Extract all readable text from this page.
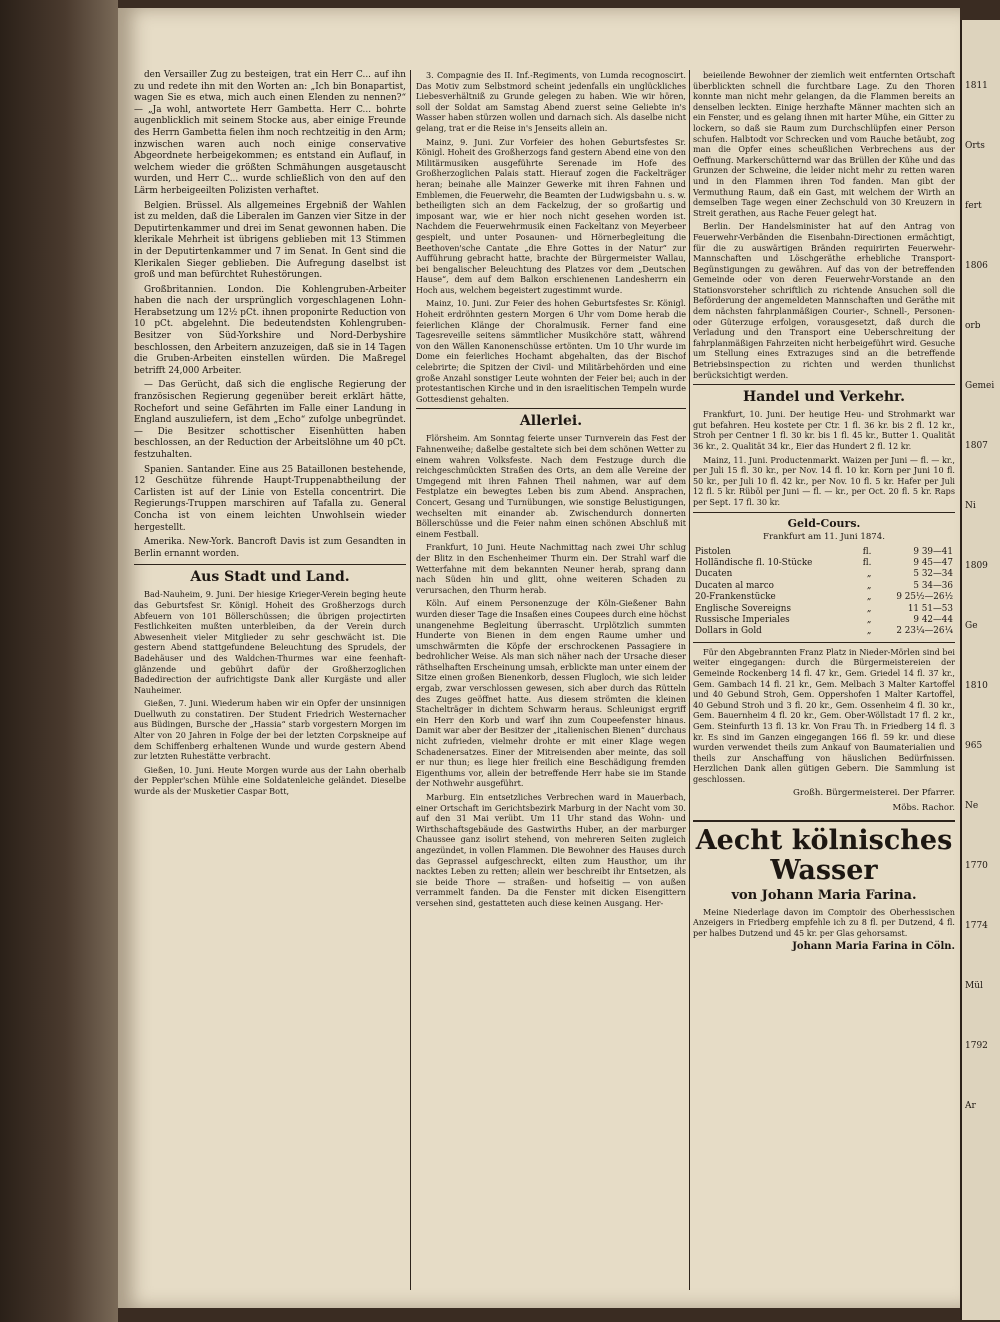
den Versailler Zug zu besteigen, trat ein Herr C... auf ihn zu und redete ihn mit den Worten an: „Ich bin Bonapartist, wagen Sie es etwa, mich auch einen Elenden zu nennen?“ — „Ja wohl, antwortete Herr Gambetta. Herr C... bohrte augenblicklich mit seinem Stocke aus, aber einige Freunde des Herrn Gambetta fielen ihm noch rechtzeitig in den Arm; inzwischen waren auch noch einige conservative Abgeordnete herbeigekommen; es entstand ein Auflauf, in welchem wieder die größten Schmähungen ausgetauscht wurden, und Herr C... wurde schließlich von den auf den Lärm herbeigeeilten Polizisten verhaftet.

Belgien. Brüssel. Als allgemeines Ergebniß der Wahlen ist zu melden, daß die Liberalen im Ganzen vier Sitze in der Deputirtenkammer und drei im Senat gewonnen haben. Die klerikale Mehrheit ist übrigens geblieben mit 13 Stimmen in der Deputirtenkammer und 7 im Senat. In Gent sind die Klerikalen Sieger geblieben. Die Aufregung daselbst ist groß und man befürchtet Ruhestörungen.

Großbritannien. London. Die Kohlengruben-Arbeiter haben die nach der ursprünglich vorgeschlagenen Lohn-Herabsetzung um 12½ pCt. ihnen proponirte Reduction von 10 pCt. abgelehnt. Die bedeutendsten Kohlengruben-Besitzer von Süd-Yorkshire und Nord-Derbyshire beschlossen, den Arbeitern anzuzeigen, daß sie in 14 Tagen die Gruben-Arbeiten einstellen würden. Die Maßregel betrifft 24,000 Arbeiter.

— Das Gerücht, daß sich die englische Regierung der französischen Regierung gegenüber bereit erklärt hätte, Rochefort und seine Gefährten im Falle einer Landung in England auszuliefern, ist dem „Echo“ zufolge unbegründet. — Die Besitzer schottischer Eisenhütten haben beschlossen, an der Reduction der Arbeitslöhne um 40 pCt. festzuhalten.

Spanien. Santander. Eine aus 25 Bataillonen bestehende, 12 Geschütze führende Haupt-Truppenabtheilung der Carlisten ist auf der Linie von Estella concentrirt. Die Regierungs-Truppen marschiren auf Tafalla zu. General Concha ist von einem leichten Unwohlsein wieder hergestellt.

Amerika. New-York. Bancroft Davis ist zum Gesandten in Berlin ernannt worden.

Aus Stadt und Land.

Bad-Nauheim, 9. Juni. Der hiesige Krieger-Verein beging heute das Geburtsfest Sr. Königl. Hoheit des Großherzogs durch Abfeuern von 101 Böllerschüssen; die übrigen projectirten Festlichkeiten mußten unterbleiben, da der Verein durch Abwesenheit vieler Mitglieder zu sehr geschwächt ist. Die gestern Abend stattgefundene Beleuchtung des Sprudels, der Badehäuser und des Waldchen-Thurmes war eine feenhaft-glänzende und gebührt dafür der Großherzoglichen Badedirection der aufrichtigste Dank aller Kurgäste und aller Nauheimer.

Gießen, 7. Juni. Wiederum haben wir ein Opfer der unsinnigen Duellwuth zu constatiren. Der Student Friedrich Westernacher aus Büdingen, Bursche der „Hassia“ starb vorgestern Morgen im Alter von 20 Jahren in Folge der bei der letzten Corpskneipe auf dem Schiffenberg erhaltenen Wunde und wurde gestern Abend zur letzten Ruhestätte verbracht.

Gießen, 10. Juni. Heute Morgen wurde aus der Lahn oberhalb der Peppler'schen Mühle eine Soldatenleiche geländet. Dieselbe wurde als der Musketier Caspar Bott,

3. Compagnie des II. Inf.-Regiments, von Lumda recognoscirt. Das Motiv zum Selbstmord scheint jedenfalls ein unglückliches Liebesverhältniß zu Grunde gelegen zu haben. Wie wir hören, soll der Soldat am Samstag Abend zuerst seine Geliebte in's Wasser haben stürzen wollen und darnach sich. Als daselbe nicht gelang, trat er die Reise in's Jenseits allein an.

Mainz, 9. Juni. Zur Vorfeier des hohen Geburtsfestes Sr. Königl. Hoheit des Großherzogs fand gestern Abend eine von den Militärmusiken ausgeführte Serenade im Hofe des Großherzoglichen Palais statt. Hierauf zogen die Fackelträger heran; beinahe alle Mainzer Gewerke mit ihren Fahnen und Emblemen, die Feuerwehr, die Beamten der Ludwigsbahn u. s. w. betheiligten sich an dem Fackelzug, der so großartig und imposant war, wie er hier noch nicht gesehen worden ist. Nachdem die Feuerwehrmusik einen Fackeltanz von Meyerbeer gespielt, und unter Posaunen- und Hörnerbegleitung die Beethoven'sche Cantate „die Ehre Gottes in der Natur“ zur Aufführung gebracht hatte, brachte der Bürgermeister Wallau, bei bengalischer Beleuchtung des Platzes vor dem „Deutschen Hause“, dem auf dem Balkon erschienenen Landesherrn ein Hoch aus, welchem begeistert zugestimmt wurde.

Mainz, 10. Juni. Zur Feier des hohen Geburtsfestes Sr. Königl. Hoheit erdröhnten gestern Morgen 6 Uhr vom Dome herab die feierlichen Klänge der Choralmusik. Ferner fand eine Tagesreveille seitens sämmtlicher Musikchöre statt, während von den Wällen Kanonenschüsse ertönten. Um 10 Uhr wurde im Dome ein feierliches Hochamt abgehalten, das der Bischof celebrirte; die Spitzen der Civil- und Militärbehörden und eine große Anzahl sonstiger Leute wohnten der Feier bei; auch in der protestantischen Kirche und in den israelitischen Tempeln wurde Gottesdienst gehalten.

Allerlei.

Flörsheim. Am Sonntag feierte unser Turnverein das Fest der Fahnenweihe; daßelbe gestaltete sich bei dem schönen Wetter zu einem wahren Volksfeste. Nach dem Festzuge durch die reichgeschmückten Straßen des Orts, an dem alle Vereine der Umgegend mit ihren Fahnen Theil nahmen, war auf dem Festplatze ein bewegtes Leben bis zum Abend. Ansprachen, Concert, Gesang und Turnübungen, wie sonstige Belustigungen, wechselten mit einander ab. Zwischendurch donnerten Böllerschüsse und die Feier nahm einen schönen Abschluß mit einem Festball.

Frankfurt, 10 Juni. Heute Nachmittag nach zwei Uhr schlug der Blitz in den Eschenheimer Thurm ein. Der Strahl warf die Wetterfahne mit dem bekannten Neuner herab, sprang dann nach Süden hin und glitt, ohne weiteren Schaden zu verursachen, den Thurm herab.

Köln. Auf einem Personenzuge der Köln-Gießener Bahn wurden dieser Tage die Insaßen eines Coupees durch eine höchst unangenehme Begleitung überrascht. Urplötzlich summten Hunderte von Bienen in dem engen Raume umher und umschwärmten die Köpfe der erschrockenen Passagiere in bedrohlicher Weise. Als man sich näher nach der Ursache dieser räthselhaften Erscheinung umsah, erblickte man unter einem der Sitze einen großen Bienenkorb, dessen Flugloch, wie sich leider ergab, zwar verschlossen gewesen, sich aber durch das Rütteln des Zuges geöffnet hatte. Aus diesem strömten die kleinen Stachelträger in dichtem Schwarm heraus. Schleunigst ergriff ein Herr den Korb und warf ihn zum Coupeefenster hinaus. Damit war aber der Besitzer der „italienischen Bienen“ durchaus nicht zufrieden, vielmehr drohte er mit einer Klage wegen Schadenersatzes. Einer der Mitreisenden aber meinte, das soll er nur thun; es liege hier freilich eine Beschädigung fremden Eigenthums vor, allein der betreffende Herr habe sie im Stande der Nothwehr ausgeführt.

Marburg. Ein entsetzliches Verbrechen ward in Mauerbach, einer Ortschaft im Gerichtsbezirk Marburg in der Nacht vom 30. auf den 31 Mai verübt. Um 11 Uhr stand das Wohn- und Wirthschaftsgebäude des Gastwirths Huber, an der marburger Chaussee ganz isolirt stehend, von mehreren Seiten zugleich angezündet, in vollen Flammen. Die Bewohner des Hauses durch das Geprassel aufgeschreckt, eilten zum Hausthor, um ihr nacktes Leben zu retten; allein wer beschreibt ihr Entsetzen, als sie beide Thore — straßen- und hofseitig — von außen verrammelt fanden. Da die Fenster mit dicken Eisengittern versehen sind, gestatteten auch diese keinen Ausgang. Her-

beieilende Bewohner der ziemlich weit entfernten Ortschaft überblickten schnell die furchtbare Lage. Zu den Thoren konnte man nicht mehr gelangen, da die Flammen bereits an denselben leckten. Einige herzhafte Männer machten sich an ein Fenster, und es gelang ihnen mit harter Mühe, ein Gitter zu lockern, so daß sie Raum zum Durchschlüpfen einer Person schufen. Halbtodt vor Schrecken und vom Rauche betäubt, zog man die Opfer eines scheußlichen Verbrechens aus der Oeffnung. Markerschütternd war das Brüllen der Kühe und das Grunzen der Schweine, die leider nicht mehr zu retten waren und in den Flammen ihren Tod fanden. Man gibt der Vermuthung Raum, daß ein Gast, mit welchem der Wirth an demselben Tage wegen einer Zechschuld von 30 Kreuzern in Streit gerathen, aus Rache Feuer gelegt hat.

Berlin. Der Handelsminister hat auf den Antrag von Feuerwehr-Verbänden die Eisenbahn-Directionen ermächtigt, für die zu auswärtigen Bränden requirirten Feuerwehr-Mannschaften und Löschgeräthe erhebliche Transport-Begünstigungen zu gewähren. Auf das von der betreffenden Gemeinde oder von deren Feuerwehr-Vorstande an den Stationsvorsteher schriftlich zu richtende Ansuchen soll die Beförderung der angemeldeten Mannschaften und Geräthe mit dem nächsten fahrplanmäßigen Courier-, Schnell-, Personen- oder Güterzuge erfolgen, vorausgesetzt, daß durch die Verladung und den Transport eine Ueberschreitung der fahrplanmäßigen Fahrzeiten nicht herbeigeführt wird. Gesuche um Stellung eines Extrazuges sind an die betreffende Betriebsinspection zu richten und werden thunlichst berücksichtigt werden.

Handel und Verkehr.

Frankfurt, 10. Juni. Der heutige Heu- und Strohmarkt war gut befahren. Heu kostete per Ctr. 1 fl. 36 kr. bis 2 fl. 12 kr., Stroh per Centner 1 fl. 30 kr. bis 1 fl. 45 kr., Butter 1. Qualität 36 kr., 2. Qualität 34 kr., Eier das Hundert 2 fl. 12 kr.

Mainz, 11. Juni. Productenmarkt. Waizen per Juni — fl. — kr., per Juli 15 fl. 30 kr., per Nov. 14 fl. 10 kr. Korn per Juni 10 fl. 50 kr., per Juli 10 fl. 42 kr., per Nov. 10 fl. 5 kr. Hafer per Juli 12 fl. 5 kr. Rüböl per Juni — fl. — kr., per Oct. 20 fl. 5 kr. Raps per Sept. 17 fl. 30 kr.

Geld-Cours.
Frankfurt am 11. Juni 1874.
Pistolen	fl.	9 39—41
Holländische fl. 10-Stücke	fl.	9 45—47
Ducaten	„	5 32—34
Ducaten al marco	„	5 34—36
20-Frankenstücke	„	9 25½—26½
Englische Sovereigns	„	11 51—53
Russische Imperiales	„	9 42—44
Dollars in Gold	„	2 23¼—26¼

Für den Abgebrannten Franz Platz in Nieder-Mörlen sind bei weiter eingegangen: durch die Bürgermeistereien der Gemeinde Rockenberg 14 fl. 47 kr., Gem. Griedel 14 fl. 37 kr., Gem. Gambach 14 fl. 21 kr., Gem. Melbach 3 Malter Kartoffel und 40 Gebund Stroh, Gem. Oppershofen 1 Malter Kartoffel, 40 Gebund Stroh und 3 fl. 20 kr., Gem. Ossenheim 4 fl. 30 kr., Gem. Bauernheim 4 fl. 20 kr., Gem. Ober-Wöllstadt 17 fl. 2 kr., Gem. Steinfurth 13 fl. 13 kr. Von Frau Th. in Friedberg 14 fl. 3 kr. Es sind im Ganzen eingegangen 166 fl. 59 kr. und diese wurden verwendet theils zum Ankauf von Baumaterialien und theils zur Anschaffung von häuslichen Bedürfnissen. Herzlichen Dank allen gütigen Gebern. Die Sammlung ist geschlossen.

Großh. Bürgermeisterei. Der Pfarrer.
Möbs. Rachor.
Aecht kölnisches Wasser
von Johann Maria Farina.

Meine Niederlage davon im Comptoir des Oberhessischen Anzeigers in Friedberg empfehle ich zu 8 fl. per Dutzend, 4 fl. per halbes Dutzend und 45 kr. per Glas gehorsamst.

Johann Maria Farina in Cöln.
1811
Orts
fert
1806
orb
Gemei
1807
Ni
1809
Ge
1810
965
Ne
1770
1774
Mül
1792
Ar
